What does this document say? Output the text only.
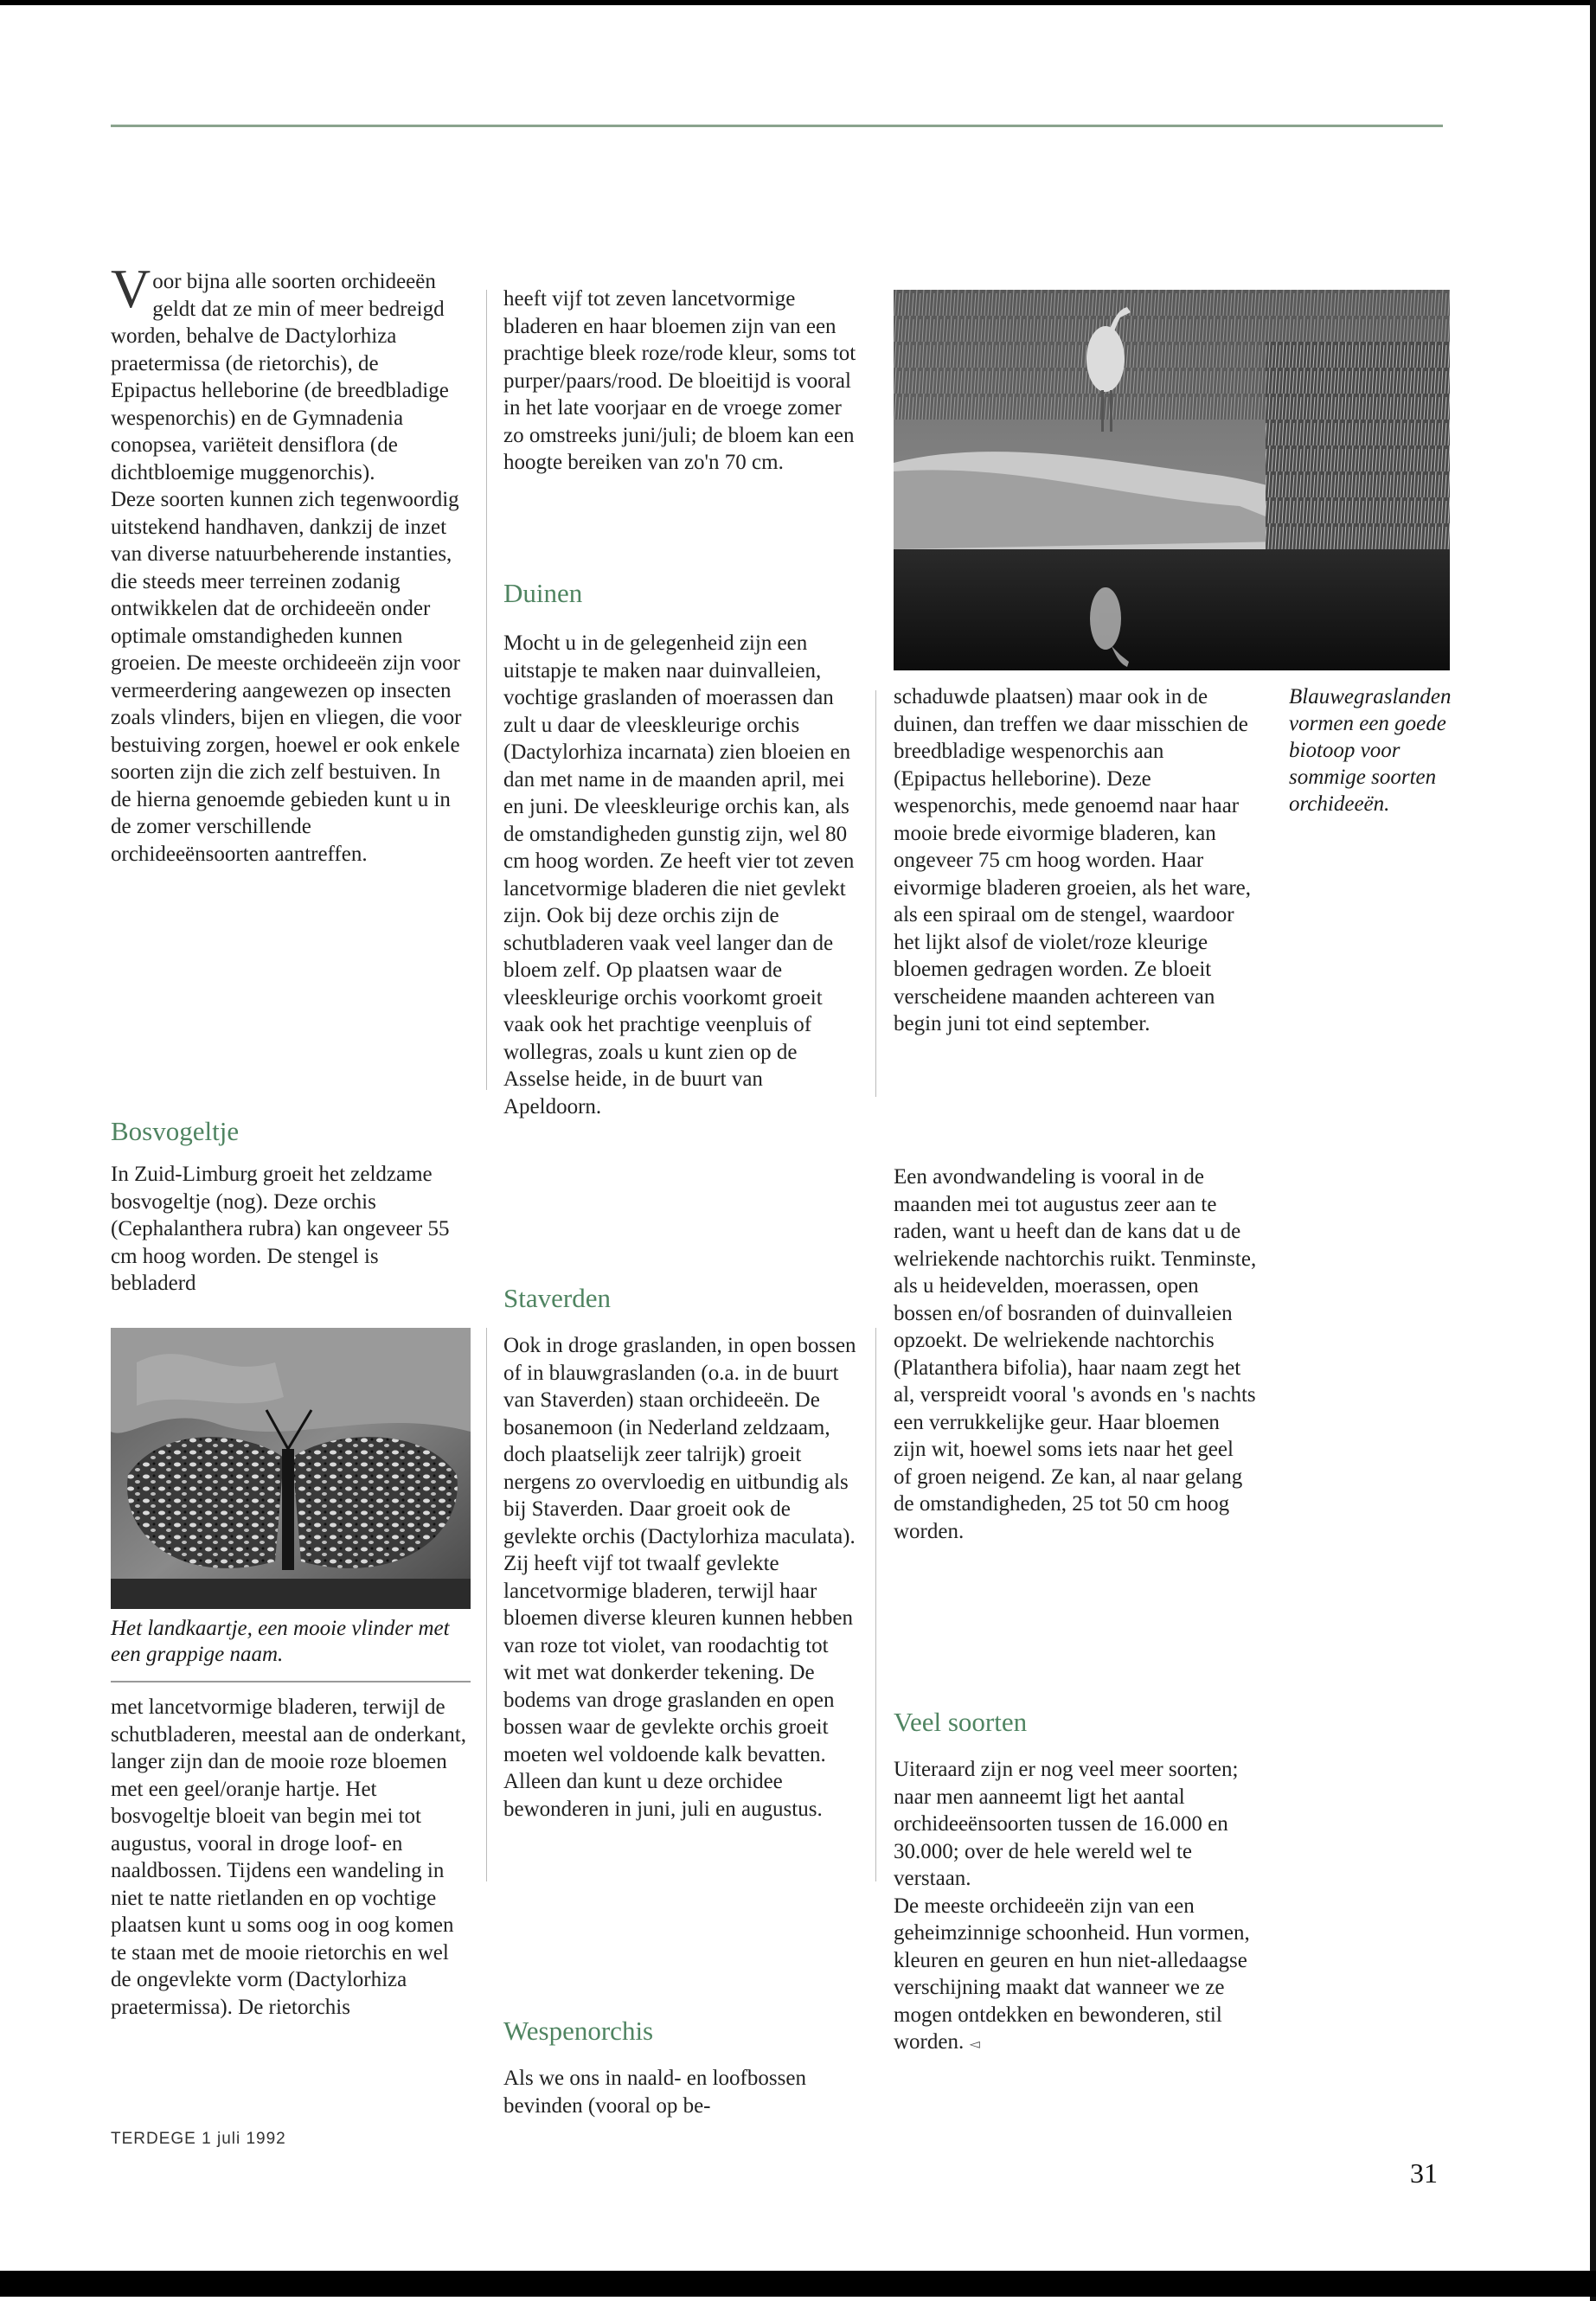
Voor bijna alle soorten orchideeën geldt dat ze min of meer bedreigd worden, behalve de Dactylorhiza praetermissa (de rietorchis), de Epipactus helleborine (de breedbladige wespenorchis) en de Gymnadenia conopsea, variëteit densiflora (de dichtbloemige muggenorchis).

Deze soorten kunnen zich tegenwoordig uitstekend handhaven, dankzij de inzet van diverse natuurbeherende instanties, die steeds meer terreinen zodanig ontwikkelen dat de orchideeën onder optimale omstandigheden kunnen groeien. De meeste orchideeën zijn voor vermeerdering aangewezen op insecten zoals vlinders, bijen en vliegen, die voor bestuiving zorgen, hoewel er ook enkele soorten zijn die zich zelf bestuiven. In de hierna genoemde gebieden kunt u in de zomer verschillende orchideeënsoorten aantreffen.

Bosvogeltje

In Zuid-Limburg groeit het zeldzame bosvogeltje (nog). Deze orchis (Cephalanthera rubra) kan ongeveer 55 cm hoog worden. De stengel is bebladerd

Het landkaartje, een mooie vlinder met een grappige naam.

met lancetvormige bladeren, terwijl de schutbladeren, meestal aan de onderkant, langer zijn dan de mooie roze bloemen met een geel/oranje hartje. Het bosvogeltje bloeit van begin mei tot augustus, vooral in droge loof- en naaldbossen. Tijdens een wandeling in niet te natte rietlanden en op vochtige plaatsen kunt u soms oog in oog komen te staan met de mooie rietorchis en wel de ongevlekte vorm (Dactylorhiza praetermissa). De rietorchis

heeft vijf tot zeven lancetvormige bladeren en haar bloemen zijn van een prachtige bleek roze/rode kleur, soms tot purper/paars/rood. De bloeitijd is vooral in het late voorjaar en de vroege zomer zo omstreeks juni/juli; de bloem kan een hoogte bereiken van zo'n 70 cm.

Duinen

Mocht u in de gelegenheid zijn een uitstapje te maken naar duinvalleien, vochtige graslanden of moerassen dan zult u daar de vleeskleurige orchis (Dactylorhiza incarnata) zien bloeien en dan met name in de maanden april, mei en juni. De vleeskleurige orchis kan, als de omstandigheden gunstig zijn, wel 80 cm hoog worden. Ze heeft vier tot zeven lancetvormige bladeren die niet gevlekt zijn. Ook bij deze orchis zijn de schutbladeren vaak veel langer dan de bloem zelf. Op plaatsen waar de vleeskleurige orchis voorkomt groeit vaak ook het prachtige veenpluis of wollegras, zoals u kunt zien op de Asselse heide, in de buurt van Apeldoorn.

Staverden

Ook in droge graslanden, in open bossen of in blauwgraslanden (o.a. in de buurt van Staverden) staan orchideeën. De bosanemoon (in Nederland zeldzaam, doch plaatselijk zeer talrijk) groeit nergens zo overvloedig en uitbundig als bij Staverden. Daar groeit ook de gevlekte orchis (Dactylorhiza maculata). Zij heeft vijf tot twaalf gevlekte lancetvormige bladeren, terwijl haar bloemen diverse kleuren kunnen hebben van roze tot violet, van roodachtig tot wit met wat donkerder tekening. De bodems van droge graslanden en open bossen waar de gevlekte orchis groeit moeten wel voldoende kalk bevatten. Alleen dan kunt u deze orchidee bewonderen in juni, juli en augustus.

Wespenorchis

Als we ons in naald- en loofbossen bevinden (vooral op be-

Blauwegraslanden vormen een goede biotoop voor sommige soorten orchideeën.

schaduwde plaatsen) maar ook in de duinen, dan treffen we daar misschien de breedbladige wespenorchis aan (Epipactus helleborine). Deze wespenorchis, mede genoemd naar haar mooie brede eivormige bladeren, kan ongeveer 75 cm hoog worden. Haar eivormige bladeren groeien, als het ware, als een spiraal om de stengel, waardoor het lijkt alsof de violet/roze kleurige bloemen gedragen worden. Ze bloeit verscheidene maanden achtereen van begin juni tot eind september.

Een avondwandeling is vooral in de maanden mei tot augustus zeer aan te raden, want u heeft dan de kans dat u de welriekende nachtorchis ruikt. Tenminste, als u heidevelden, moerassen, open bossen en/of bosranden of duinvalleien opzoekt. De welriekende nachtorchis (Platanthera bifolia), haar naam zegt het al, verspreidt vooral 's avonds en 's nachts een verrukkelijke geur. Haar bloemen zijn wit, hoewel soms iets naar het geel of groen neigend. Ze kan, al naar gelang de omstandigheden, 25 tot 50 cm hoog worden.

Veel soorten

Uiteraard zijn er nog veel meer soorten; naar men aanneemt ligt het aantal orchideeënsoorten tussen de 16.000 en 30.000; over de hele wereld wel te verstaan.

De meeste orchideeën zijn van een geheimzinnige schoonheid. Hun vormen, kleuren en geuren en hun niet-alledaagse verschijning maakt dat wanneer we ze mogen ontdekken en bewonderen, stil worden. ◅

TERDEGE 1 juli 1992
31
